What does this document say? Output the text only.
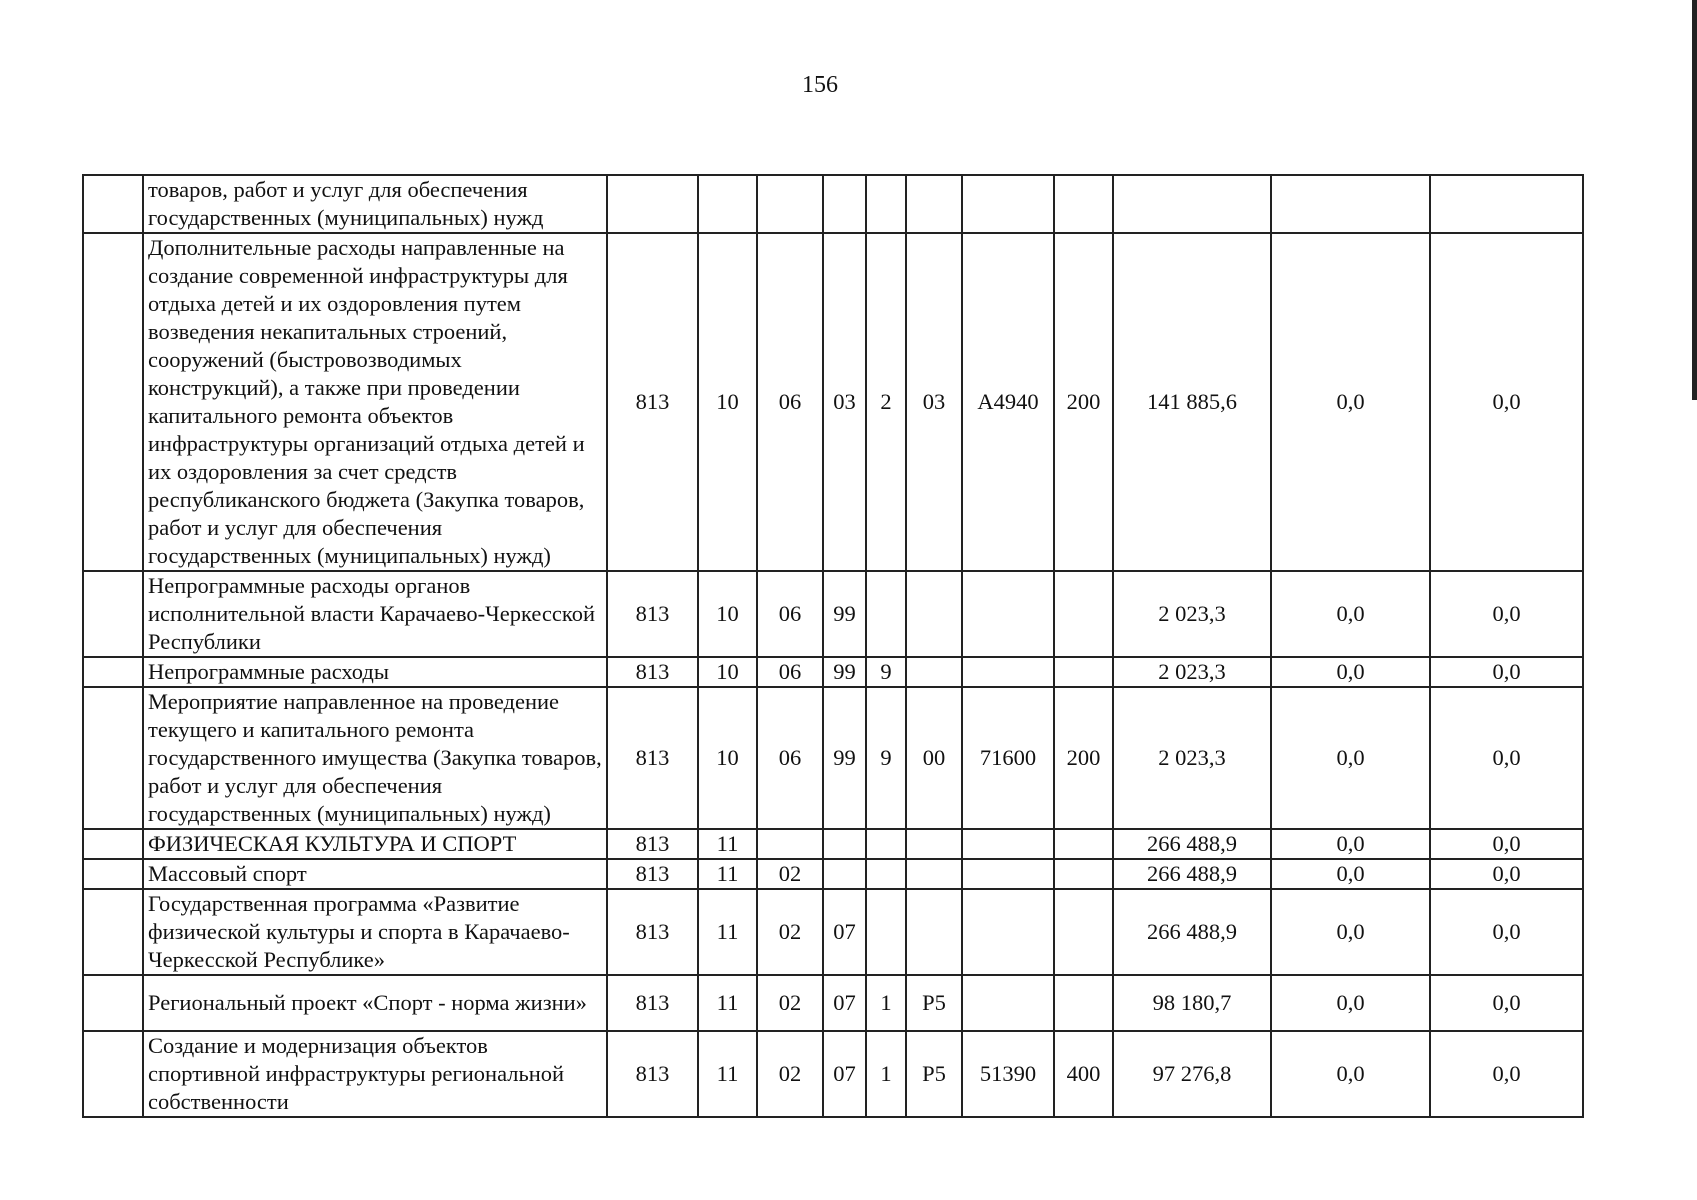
156
	товаров, работ и услуг для обеспечения государственных (муниципальных) нужд											
	Дополнительные расходы направленные на создание современной инфраструктуры для отдыха детей и их оздоровления путем возведения некапитальных строений, сооружений (быстровозводимых конструкций), а также при проведении капитального ремонта объектов инфраструктуры организаций отдыха детей и их оздоровления за счет средств республиканского бюджета (Закупка товаров, работ и услуг для обеспечения государственных (муниципальных) нужд)	813	10	06	03	2	03	А4940	200	141 885,6	0,0	0,0
	Непрограммные расходы органов исполнительной власти Карачаево-Черкесской Республики	813	10	06	99					2 023,3	0,0	0,0
	Непрограммные расходы	813	10	06	99	9				2 023,3	0,0	0,0
	Мероприятие направленное на проведение текущего и капитального ремонта государственного имущества (Закупка товаров, работ и услуг для обеспечения государственных (муниципальных) нужд)	813	10	06	99	9	00	71600	200	2 023,3	0,0	0,0
	ФИЗИЧЕСКАЯ КУЛЬТУРА И СПОРТ	813	11							266 488,9	0,0	0,0
	Массовый спорт	813	11	02						266 488,9	0,0	0,0
	Государственная программа «Развитие физической культуры и спорта в Карачаево-Черкесской Республике»	813	11	02	07					266 488,9	0,0	0,0
	Региональный проект «Спорт - норма жизни»	813	11	02	07	1	Р5			98 180,7	0,0	0,0
	Создание и модернизация объектов спортивной инфраструктуры региональной собственности	813	11	02	07	1	Р5	51390	400	97 276,8	0,0	0,0
